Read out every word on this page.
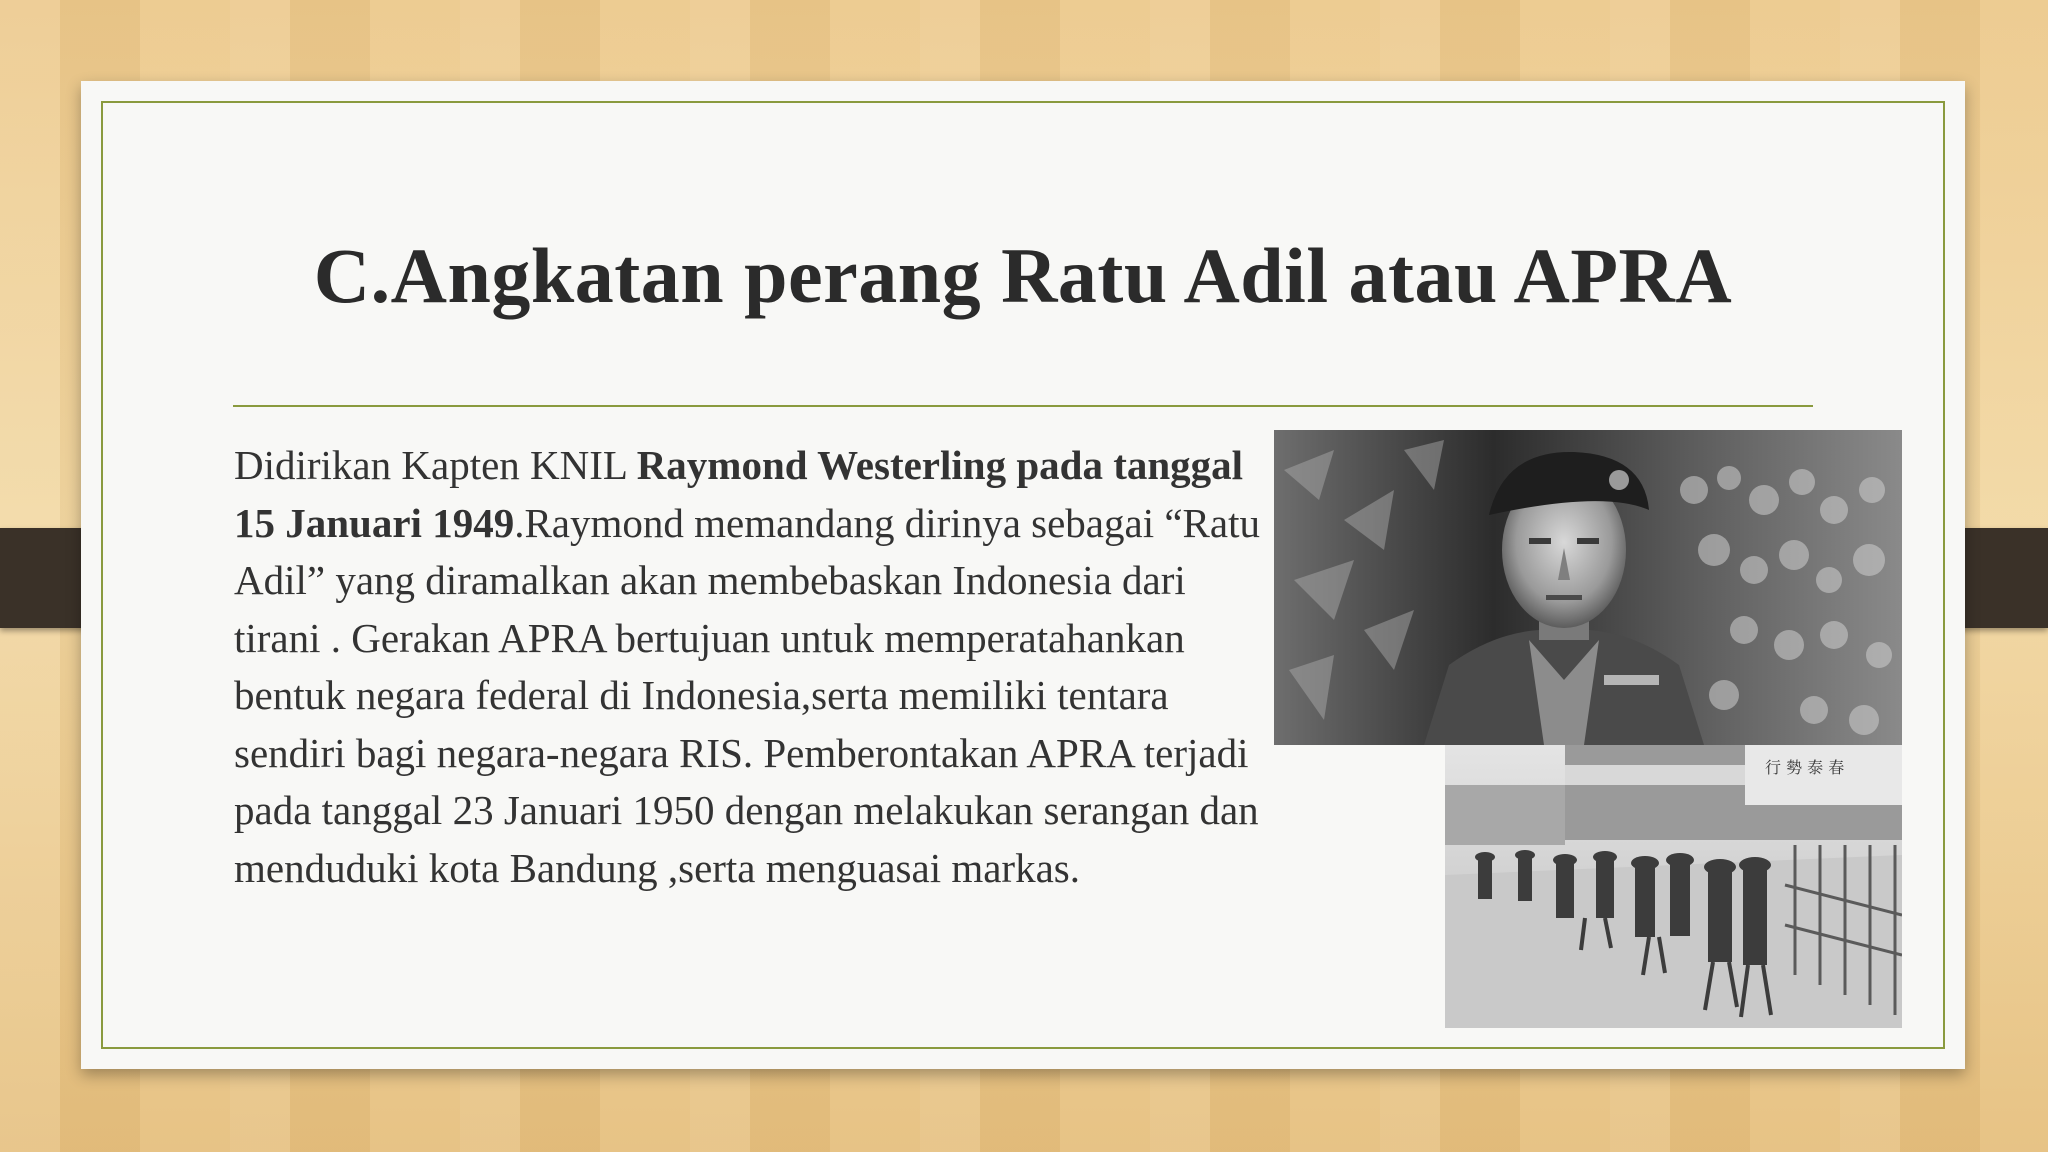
C.Angkatan perang Ratu Adil atau APRA
Didirikan Kapten KNIL Raymond Westerling pada tanggal 15 Januari 1949.Raymond memandang dirinya sebagai “Ratu Adil” yang diramalkan akan membebaskan Indonesia dari tirani . Gerakan APRA bertujuan untuk memperatahankan bentuk negara federal di Indonesia,serta memiliki tentara sendiri bagi negara-negara RIS. Pemberontakan APRA terjadi pada tanggal 23 Januari 1950 dengan melakukan serangan dan menduduki kota Bandung ,serta menguasai markas.
行 勢 泰 春
